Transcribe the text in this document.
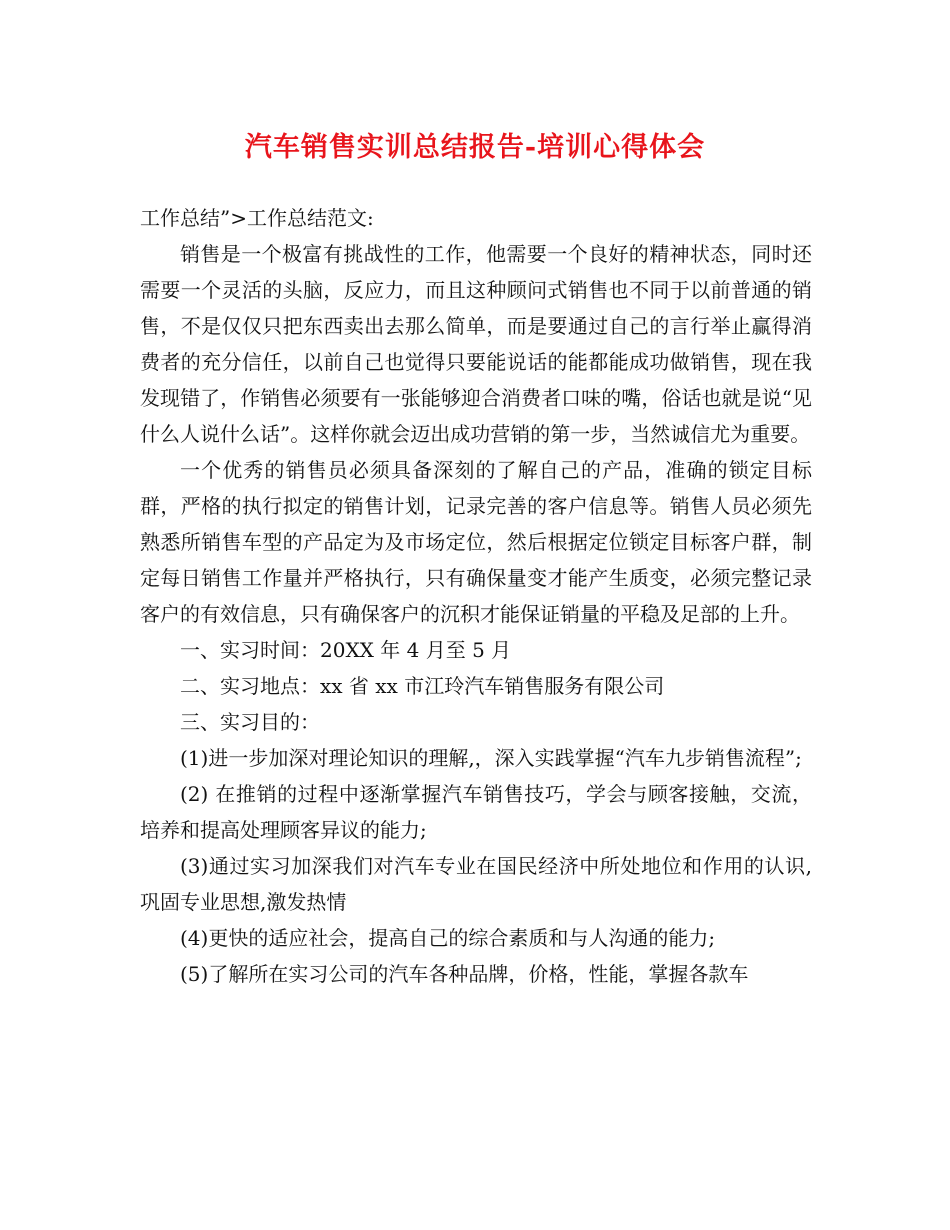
汽车销售实训总结报告-培训心得体会

工作总结”>工作总结范文:

销售是一个极富有挑战性的工作，他需要一个良好的精神状态，同时还需要一个灵活的头脑，反应力，而且这种顾问式销售也不同于以前普通的销售，不是仅仅只把东西卖出去那么简单，而是要通过自己的言行举止赢得消费者的充分信任，以前自己也觉得只要能说话的能都能成功做销售，现在我发现错了，作销售必须要有一张能够迎合消费者口味的嘴，俗话也就是说“见什么人说什么话”。这样你就会迈出成功营销的第一步，当然诚信尤为重要。

一个优秀的销售员必须具备深刻的了解自己的产品，准确的锁定目标群，严格的执行拟定的销售计划，记录完善的客户信息等。销售人员必须先熟悉所销售车型的产品定为及市场定位，然后根据定位锁定目标客户群，制定每日销售工作量并严格执行，只有确保量变才能产生质变，必须完整记录客户的有效信息，只有确保客户的沉积才能保证销量的平稳及足部的上升。

一、实习时间：20XX 年 4 月至 5 月

二、实习地点：xx 省 xx 市江玲汽车销售服务有限公司

三、实习目的：

(1)进一步加深对理论知识的理解,，深入实践掌握“汽车九步销售流程”;

(2) 在推销的过程中逐渐掌握汽车销售技巧，学会与顾客接触，交流，培养和提高处理顾客异议的能力;

(3)通过实习加深我们对汽车专业在国民经济中所处地位和作用的认识,巩固专业思想,激发热情

(4)更快的适应社会，提高自己的综合素质和与人沟通的能力;

(5)了解所在实习公司的汽车各种品牌，价格，性能，掌握各款车
